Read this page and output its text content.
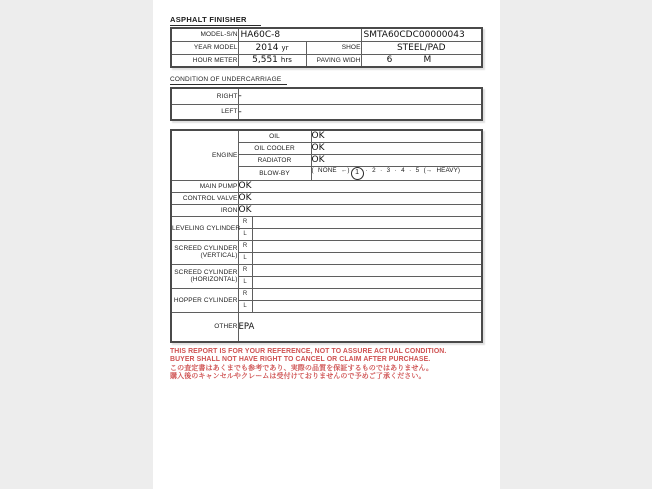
ASPHALT FINISHER
MODEL-S/N	HA60C-8		SMTA60CDC00000043
YEAR MODEL	2014 yr	SHOE	STEEL/PAD
HOUR METER	5,551 hrs	PAVING WIDH	6 M
CONDITION OF UNDERCARRIAGE
RIGHT	-
LEFT	-
ENGINE	OIL		OK
	OIL COOLER		OK
	RADIATOR		OK
	BLOW-BY		( NONE ←) 1 · 2 · 3 · 4 · 5 (→ HEAVY)
MAIN PUMP	OK		
CONTROL VALVE	OK		
IRON	OK		
LEVELING CYLINDER	R		
	L		

SCREED CYLINDER
(VERTICAL)	R		
	L		

SCREED CYLINDER
(HORIZONTAL)	R		
	L		
HOPPER CYLINDER	R		
	L		
OTHER	EPA		
THIS REPORT IS FOR YOUR REFERENCE, NOT TO ASSURE ACTUAL CONDITION.
BUYER SHALL NOT HAVE RIGHT TO CANCEL OR CLAIM AFTER PURCHASE.
この査定書はあくまでも参考であり、実際の品質を保証するものではありません。
購入後のキャンセルやクレームは受付けておりませんので予めご了承ください。
